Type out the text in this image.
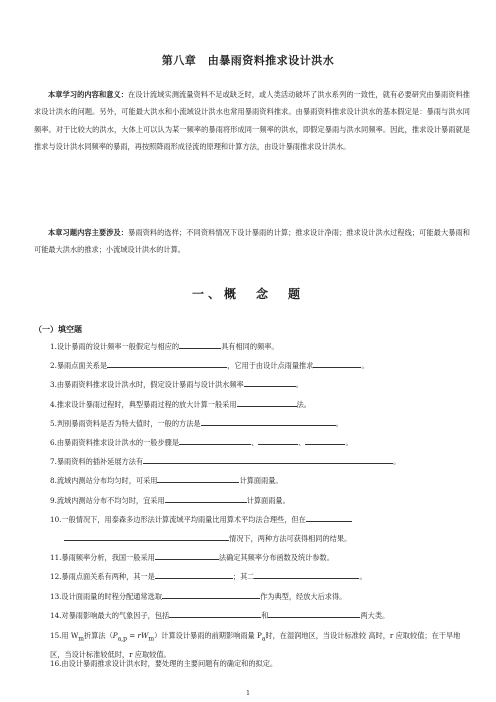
第八章　由暴雨资料推求设计洪水
本章学习的内容和意义：在设计流域实测流量资料不足或缺乏时，或人类活动破坏了洪水系列的一致性，就有必要研究由暴雨资料推求设计洪水的问题。另外，可能最大洪水和小流域设计洪水也常用暴雨资料推求。由暴雨资料推求设计洪水的基本假定是：暴雨与洪水同频率。对于比较大的洪水，大体上可以认为某一频率的暴雨将形成同一频率的洪水，即假定暴雨与洪水同频率。因此，推求设计暴雨就是推求与设计洪水同频率的暴雨，再按照降雨形成径流的原理和计算方法，由设计暴雨推求设计洪水。
本章习题内容主要涉及：暴雨资料的选样；不同资料情况下设计暴雨的计算；推求设计净雨；推求设计洪水过程线；可能最大暴雨和可能最大洪水的推求；小流域设计洪水的计算。
一、概　念　题
（一）填空题
1.设计暴雨的设计频率一般假定与相应的	具有相同的频率。
2.暴雨点面关系是	，它用于由设计点雨量推求	。
3.由暴雨资料推求设计洪水时，假定设计暴雨与设计洪水频率	。
4.推求设计暴雨过程时，典型暴雨过程的放大计算一般采用	法。
5.判别暴雨资料是否为特大值时，一般的方法是	。
6.由暴雨资料推求设计洪水的一般步骤是	、	、	。
7.暴雨资料的插补延展方法有	。
8.流域内测站分布均匀时，可采用	计算面雨量。
9.流域内测站分布不均匀时，宜采用	计算面雨量。
10.一般情况下，用泰森多边形法计算流域平均雨量比用算术平均法合理些，但在
情况下，两种方法可获得相同的结果。
11.暴雨频率分析，我国一般采用	法确定其频率分布函数及统计参数。
12.暴雨点面关系有两种，其一是	；其二	。
13.设计面雨量的时程分配通常选取	作为典型，经放大后求得。
14.对暴雨影响最大的气象因子，包括	和	两大类。
15.用 $W_m$折算法$(P_{a,p} = rW_m)$计算设计暴雨的前期影响雨量 $P_a$时，在湿润地区，当设计标准较 高时，r 应取较值；在干旱地区，当设计标准较低时，r 应取较值。
16.由设计暴雨推求设计洪水时，要处理的主要问题有的确定和的拟定。
1
